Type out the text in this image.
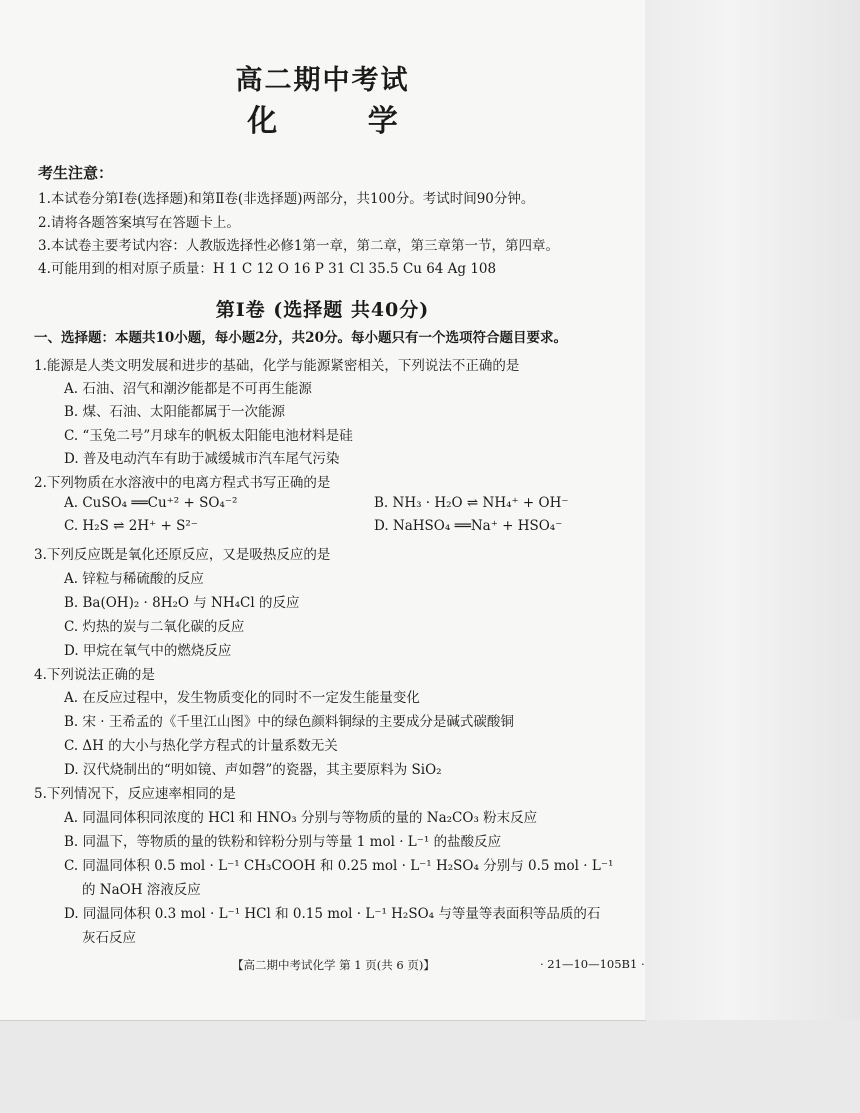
高二期中考试
化 学
考生注意：
1.本试卷分第Ⅰ卷(选择题)和第Ⅱ卷(非选择题)两部分，共100分。考试时间90分钟。
2.请将各题答案填写在答题卡上。
3.本试卷主要考试内容：人教版选择性必修1第一章，第二章，第三章第一节，第四章。
4.可能用到的相对原子质量：H 1 C 12 O 16 P 31 Cl 35.5 Cu 64 Ag 108
第Ⅰ卷 (选择题 共40分)
一、选择题：本题共10小题，每小题2分，共20分。每小题只有一个选项符合题目要求。
1.能源是人类文明发展和进步的基础，化学与能源紧密相关，下列说法不正确的是
A. 石油、沼气和潮汐能都是不可再生能源
B. 煤、石油、太阳能都属于一次能源
C. “玉兔二号”月球车的帆板太阳能电池材料是硅
D. 普及电动汽车有助于减缓城市汽车尾气污染
2.下列物质在水溶液中的电离方程式书写正确的是
A. CuSO₄ ══Cu⁺² + SO₄⁻²	B. NH₃ · H₂O ⇌ NH₄⁺ + OH⁻
C. H₂S ⇌ 2H⁺ + S²⁻	D. NaHSO₄ ══Na⁺ + HSO₄⁻
3.下列反应既是氧化还原反应，又是吸热反应的是
A. 锌粒与稀硫酸的反应
B. Ba(OH)₂ · 8H₂O 与 NH₄Cl 的反应
C. 灼热的炭与二氧化碳的反应
D. 甲烷在氧气中的燃烧反应
4.下列说法正确的是
A. 在反应过程中，发生物质变化的同时不一定发生能量变化
B. 宋 · 王希孟的《千里江山图》中的绿色颜料铜绿的主要成分是碱式碳酸铜
C. ΔH 的大小与热化学方程式的计量系数无关
D. 汉代烧制出的“明如镜、声如磬”的瓷器，其主要原料为 SiO₂
5.下列情况下，反应速率相同的是
A. 同温同体积同浓度的 HCl 和 HNO₃ 分别与等物质的量的 Na₂CO₃ 粉末反应
B. 同温下，等物质的量的铁粉和锌粉分别与等量 1 mol · L⁻¹ 的盐酸反应
C. 同温同体积 0.5 mol · L⁻¹ CH₃COOH 和 0.25 mol · L⁻¹ H₂SO₄ 分别与 0.5 mol · L⁻¹
的 NaOH 溶液反应
D. 同温同体积 0.3 mol · L⁻¹ HCl 和 0.15 mol · L⁻¹ H₂SO₄ 与等量等表面积等品质的石
灰石反应
【高二期中考试化学 第 1 页(共 6 页)】	· 21—10—105B1 ·
